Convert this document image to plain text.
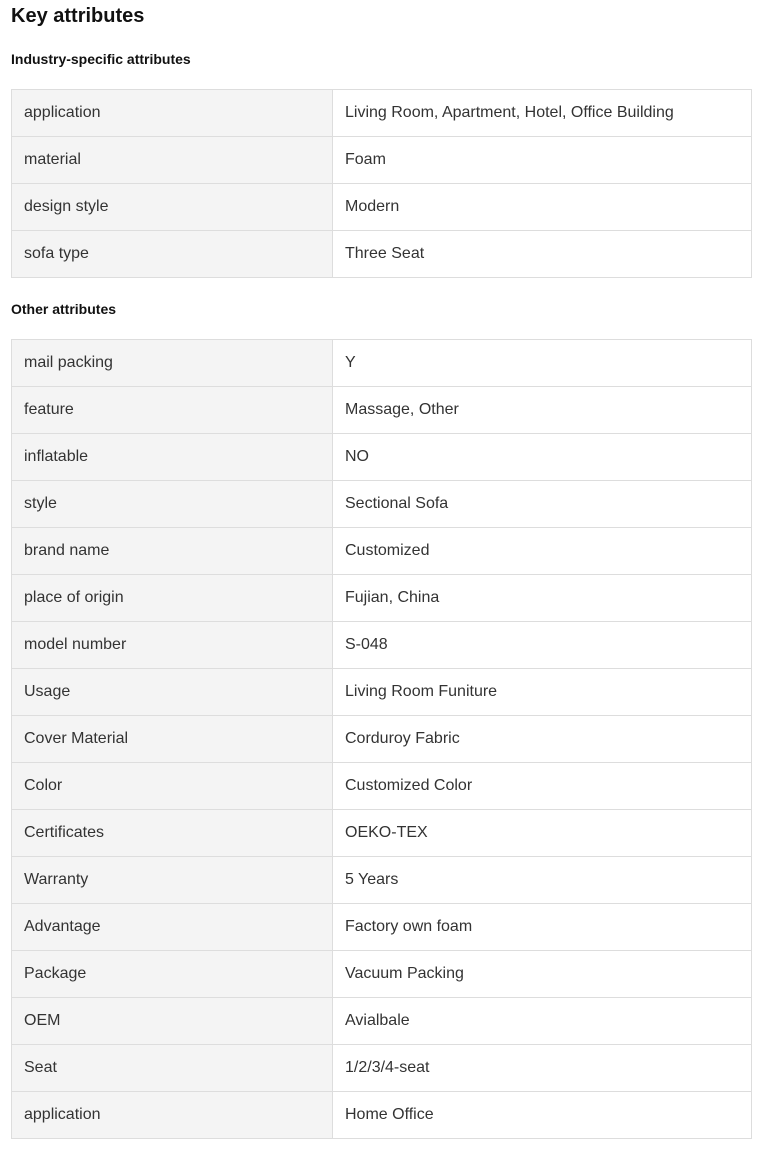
Key attributes
Industry-specific attributes
application	Living Room, Apartment, Hotel, Office Building
material	Foam
design style	Modern
sofa type	Three Seat
Other attributes
mail packing	Y
feature	Massage, Other
inflatable	NO
style	Sectional Sofa
brand name	Customized
place of origin	Fujian, China
model number	S-048
Usage	Living Room Funiture
Cover Material	Corduroy Fabric
Color	Customized Color
Certificates	OEKO-TEX
Warranty	5 Years
Advantage	Factory own foam
Package	Vacuum Packing
OEM	Avialbale
Seat	1/2/3/4-seat
application	Home Office
